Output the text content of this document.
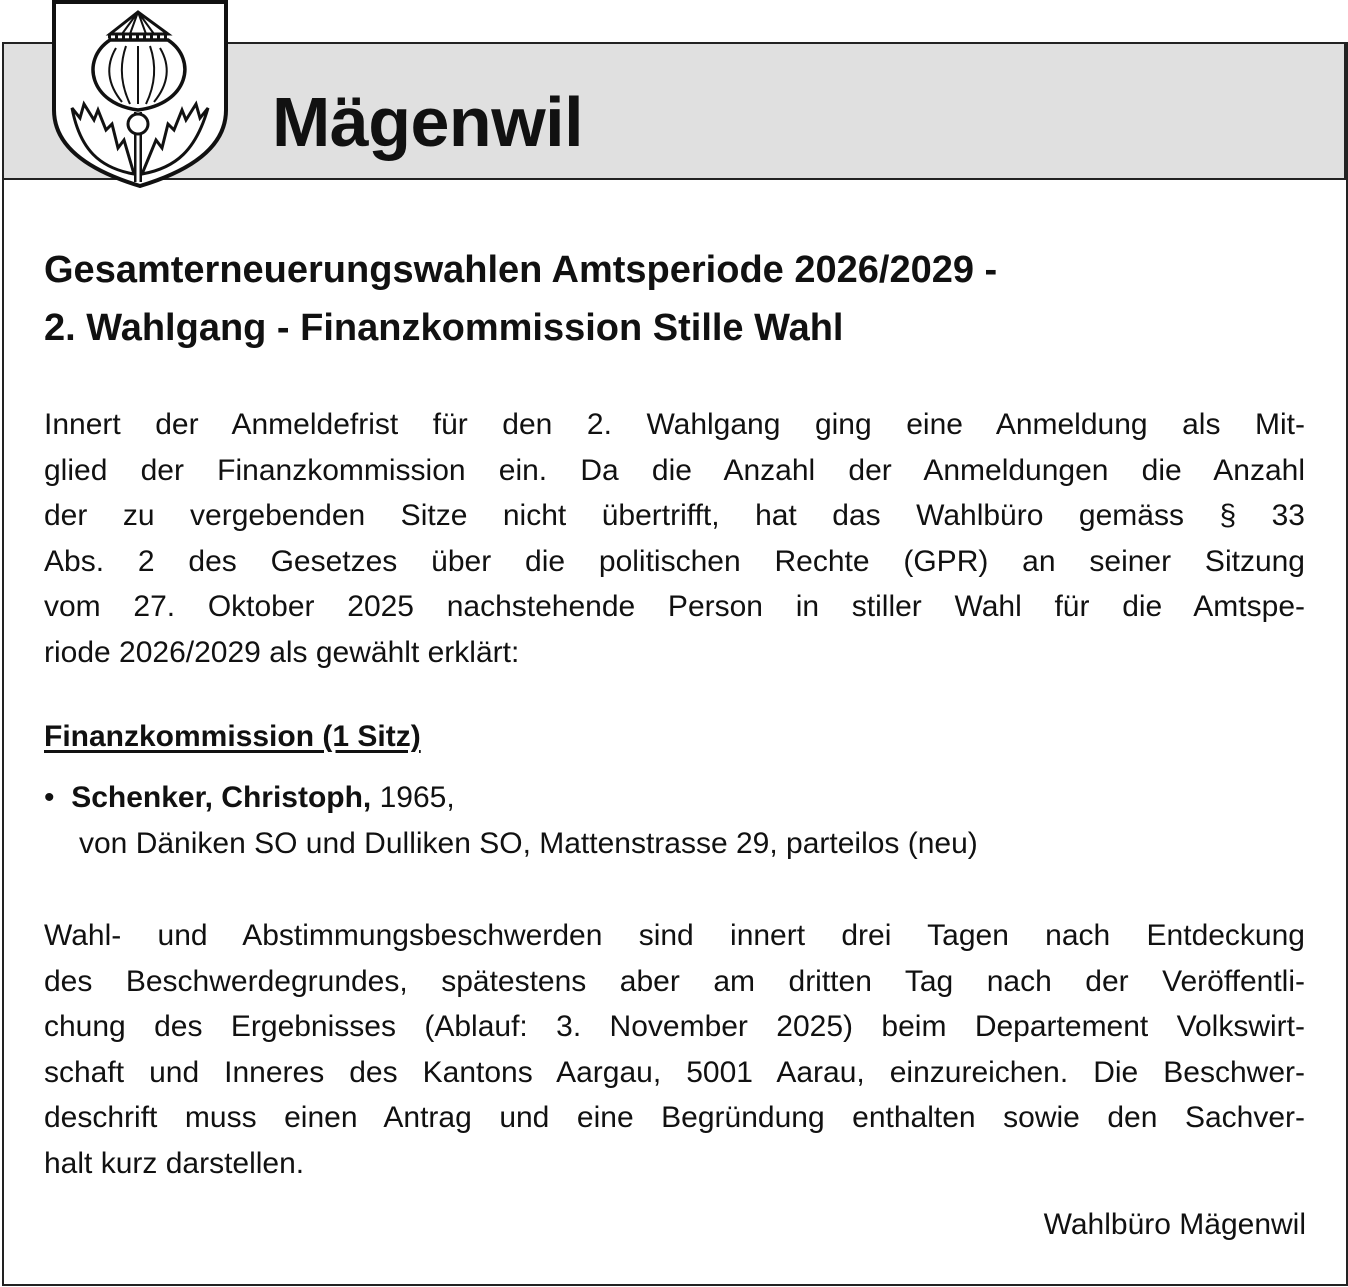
Mägenwil
Gesamterneuerungswahlen Amtsperiode 2026/2029 -
2. Wahlgang - Finanzkommission Stille Wahl
Innert der Anmeldefrist für den 2. Wahlgang ging eine Anmeldung als Mit-
glied der Finanzkommission ein. Da die Anzahl der Anmeldungen die Anzahl
der zu vergebenden Sitze nicht übertrifft, hat das Wahlbüro gemäss § 33
Abs. 2 des Gesetzes über die politischen Rechte (GPR) an seiner Sitzung
vom 27. Oktober 2025 nachstehende Person in stiller Wahl für die Amtspe-
riode 2026/2029 als gewählt erklärt:
Finanzkommission (1 Sitz)
•  Schenker, Christoph, 1965,
von Däniken SO und Dulliken SO, Mattenstrasse 29, parteilos (neu)
Wahl- und Abstimmungsbeschwerden sind innert drei Tagen nach Entdeckung
des Beschwerdegrundes, spätestens aber am dritten Tag nach der Veröffentli-
chung des Ergebnisses (Ablauf: 3. November 2025) beim Departement Volkswirt-
schaft und Inneres des Kantons Aargau, 5001 Aarau, einzureichen. Die Beschwer-
deschrift muss einen Antrag und eine Begründung enthalten sowie den Sachver-
halt kurz darstellen.
Wahlbüro Mägenwil
